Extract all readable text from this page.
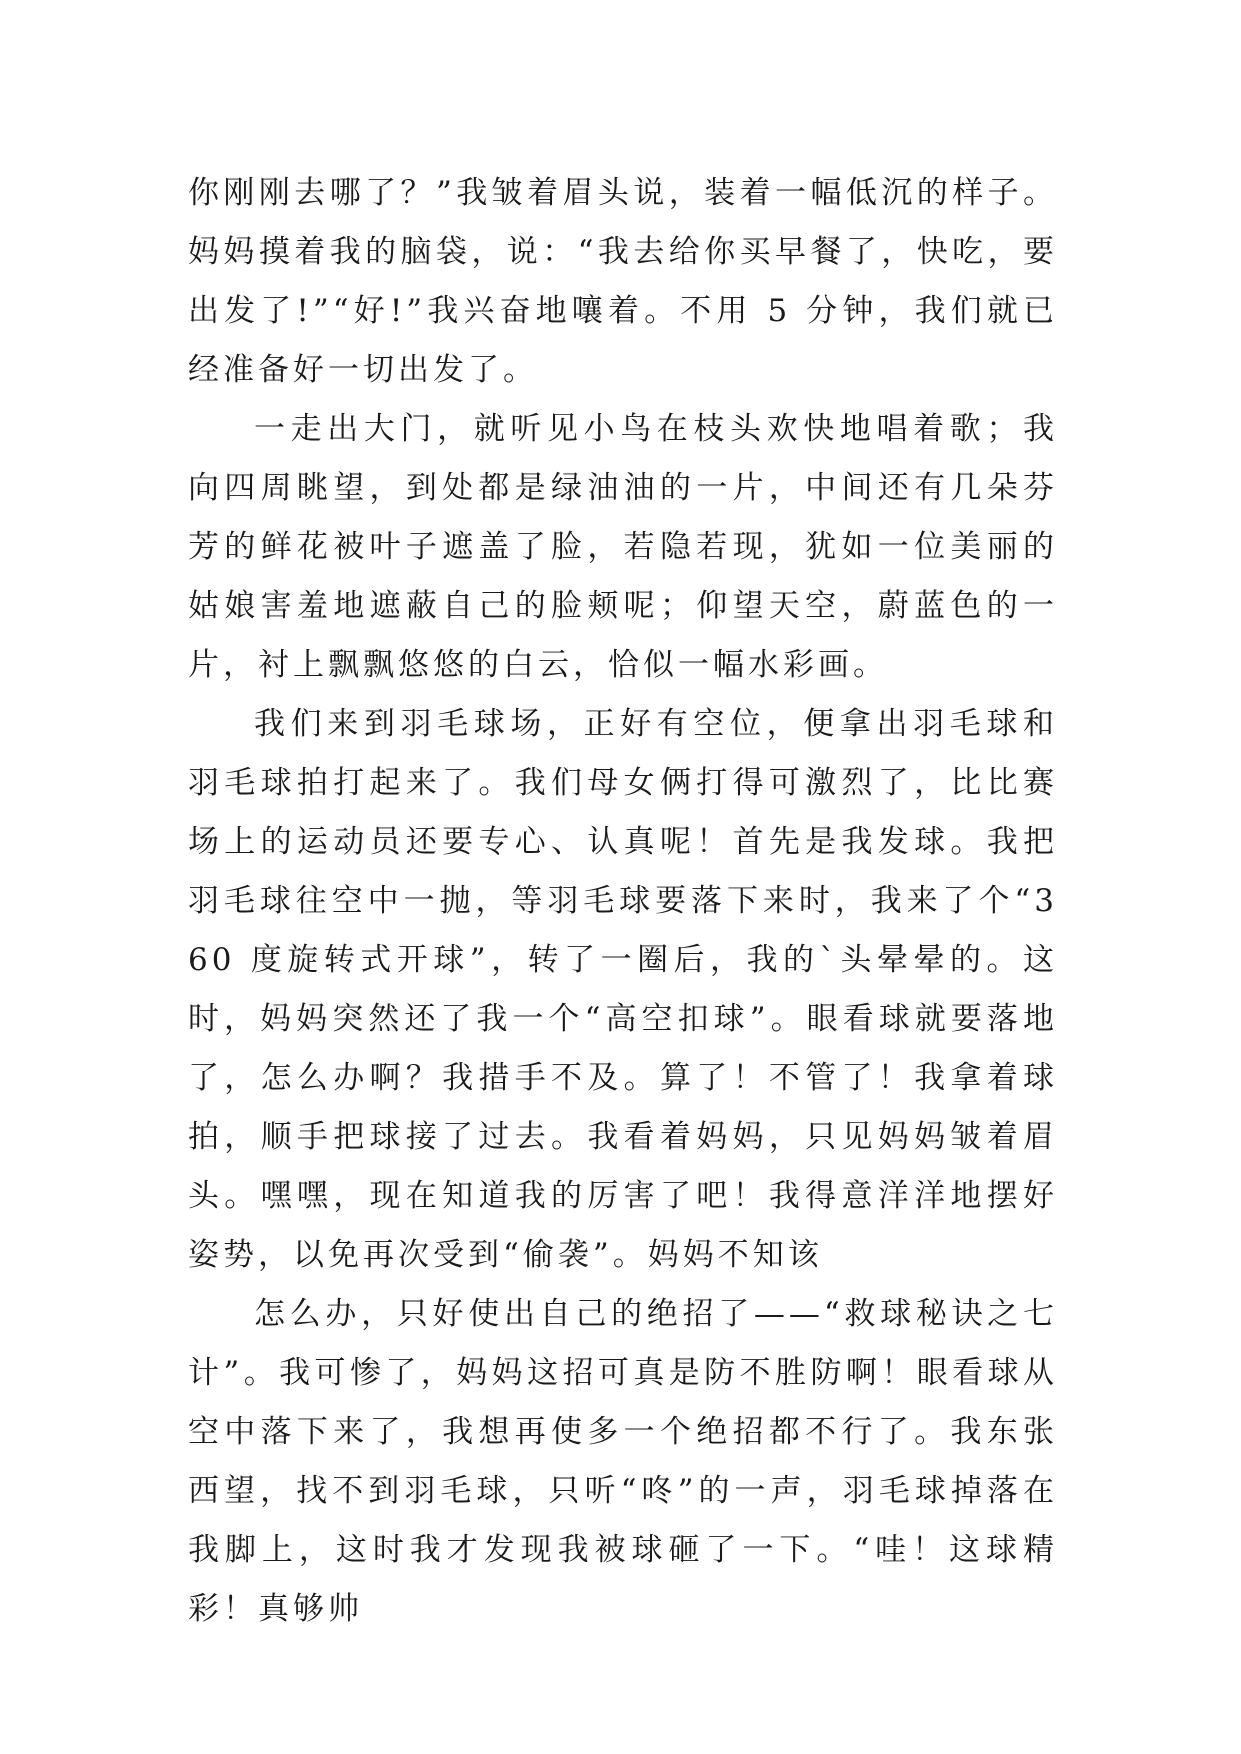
你刚刚去哪了？”我皱着眉头说，装着一幅低沉的样子。妈妈摸着我的脑袋，说：“我去给你买早餐了，快吃，要出发了!”“好!”我兴奋地嚷着。不用 5 分钟，我们就已经准备好一切出发了。

一走出大门，就听见小鸟在枝头欢快地唱着歌；我向四周眺望，到处都是绿油油的一片，中间还有几朵芬芳的鲜花被叶子遮盖了脸，若隐若现，犹如一位美丽的姑娘害羞地遮蔽自己的脸颊呢；仰望天空，蔚蓝色的一片，衬上飘飘悠悠的白云，恰似一幅水彩画。

我们来到羽毛球场，正好有空位，便拿出羽毛球和羽毛球拍打起来了。我们母女俩打得可激烈了，比比赛场上的运动员还要专心、认真呢！首先是我发球。我把羽毛球往空中一抛，等羽毛球要落下来时，我来了个“360 度旋转式开球”，转了一圈后，我的`头晕晕的。这时，妈妈突然还了我一个“高空扣球”。眼看球就要落地了，怎么办啊？我措手不及。算了！不管了！我拿着球拍，顺手把球接了过去。我看着妈妈，只见妈妈皱着眉头。嘿嘿，现在知道我的厉害了吧！我得意洋洋地摆好姿势，以免再次受到“偷袭”。妈妈不知该

怎么办，只好使出自己的绝招了——“救球秘诀之七计”。我可惨了，妈妈这招可真是防不胜防啊！眼看球从空中落下来了，我想再使多一个绝招都不行了。我东张西望，找不到羽毛球，只听“咚”的一声，羽毛球掉落在我脚上，这时我才发现我被球砸了一下。“哇！这球精彩！真够帅
